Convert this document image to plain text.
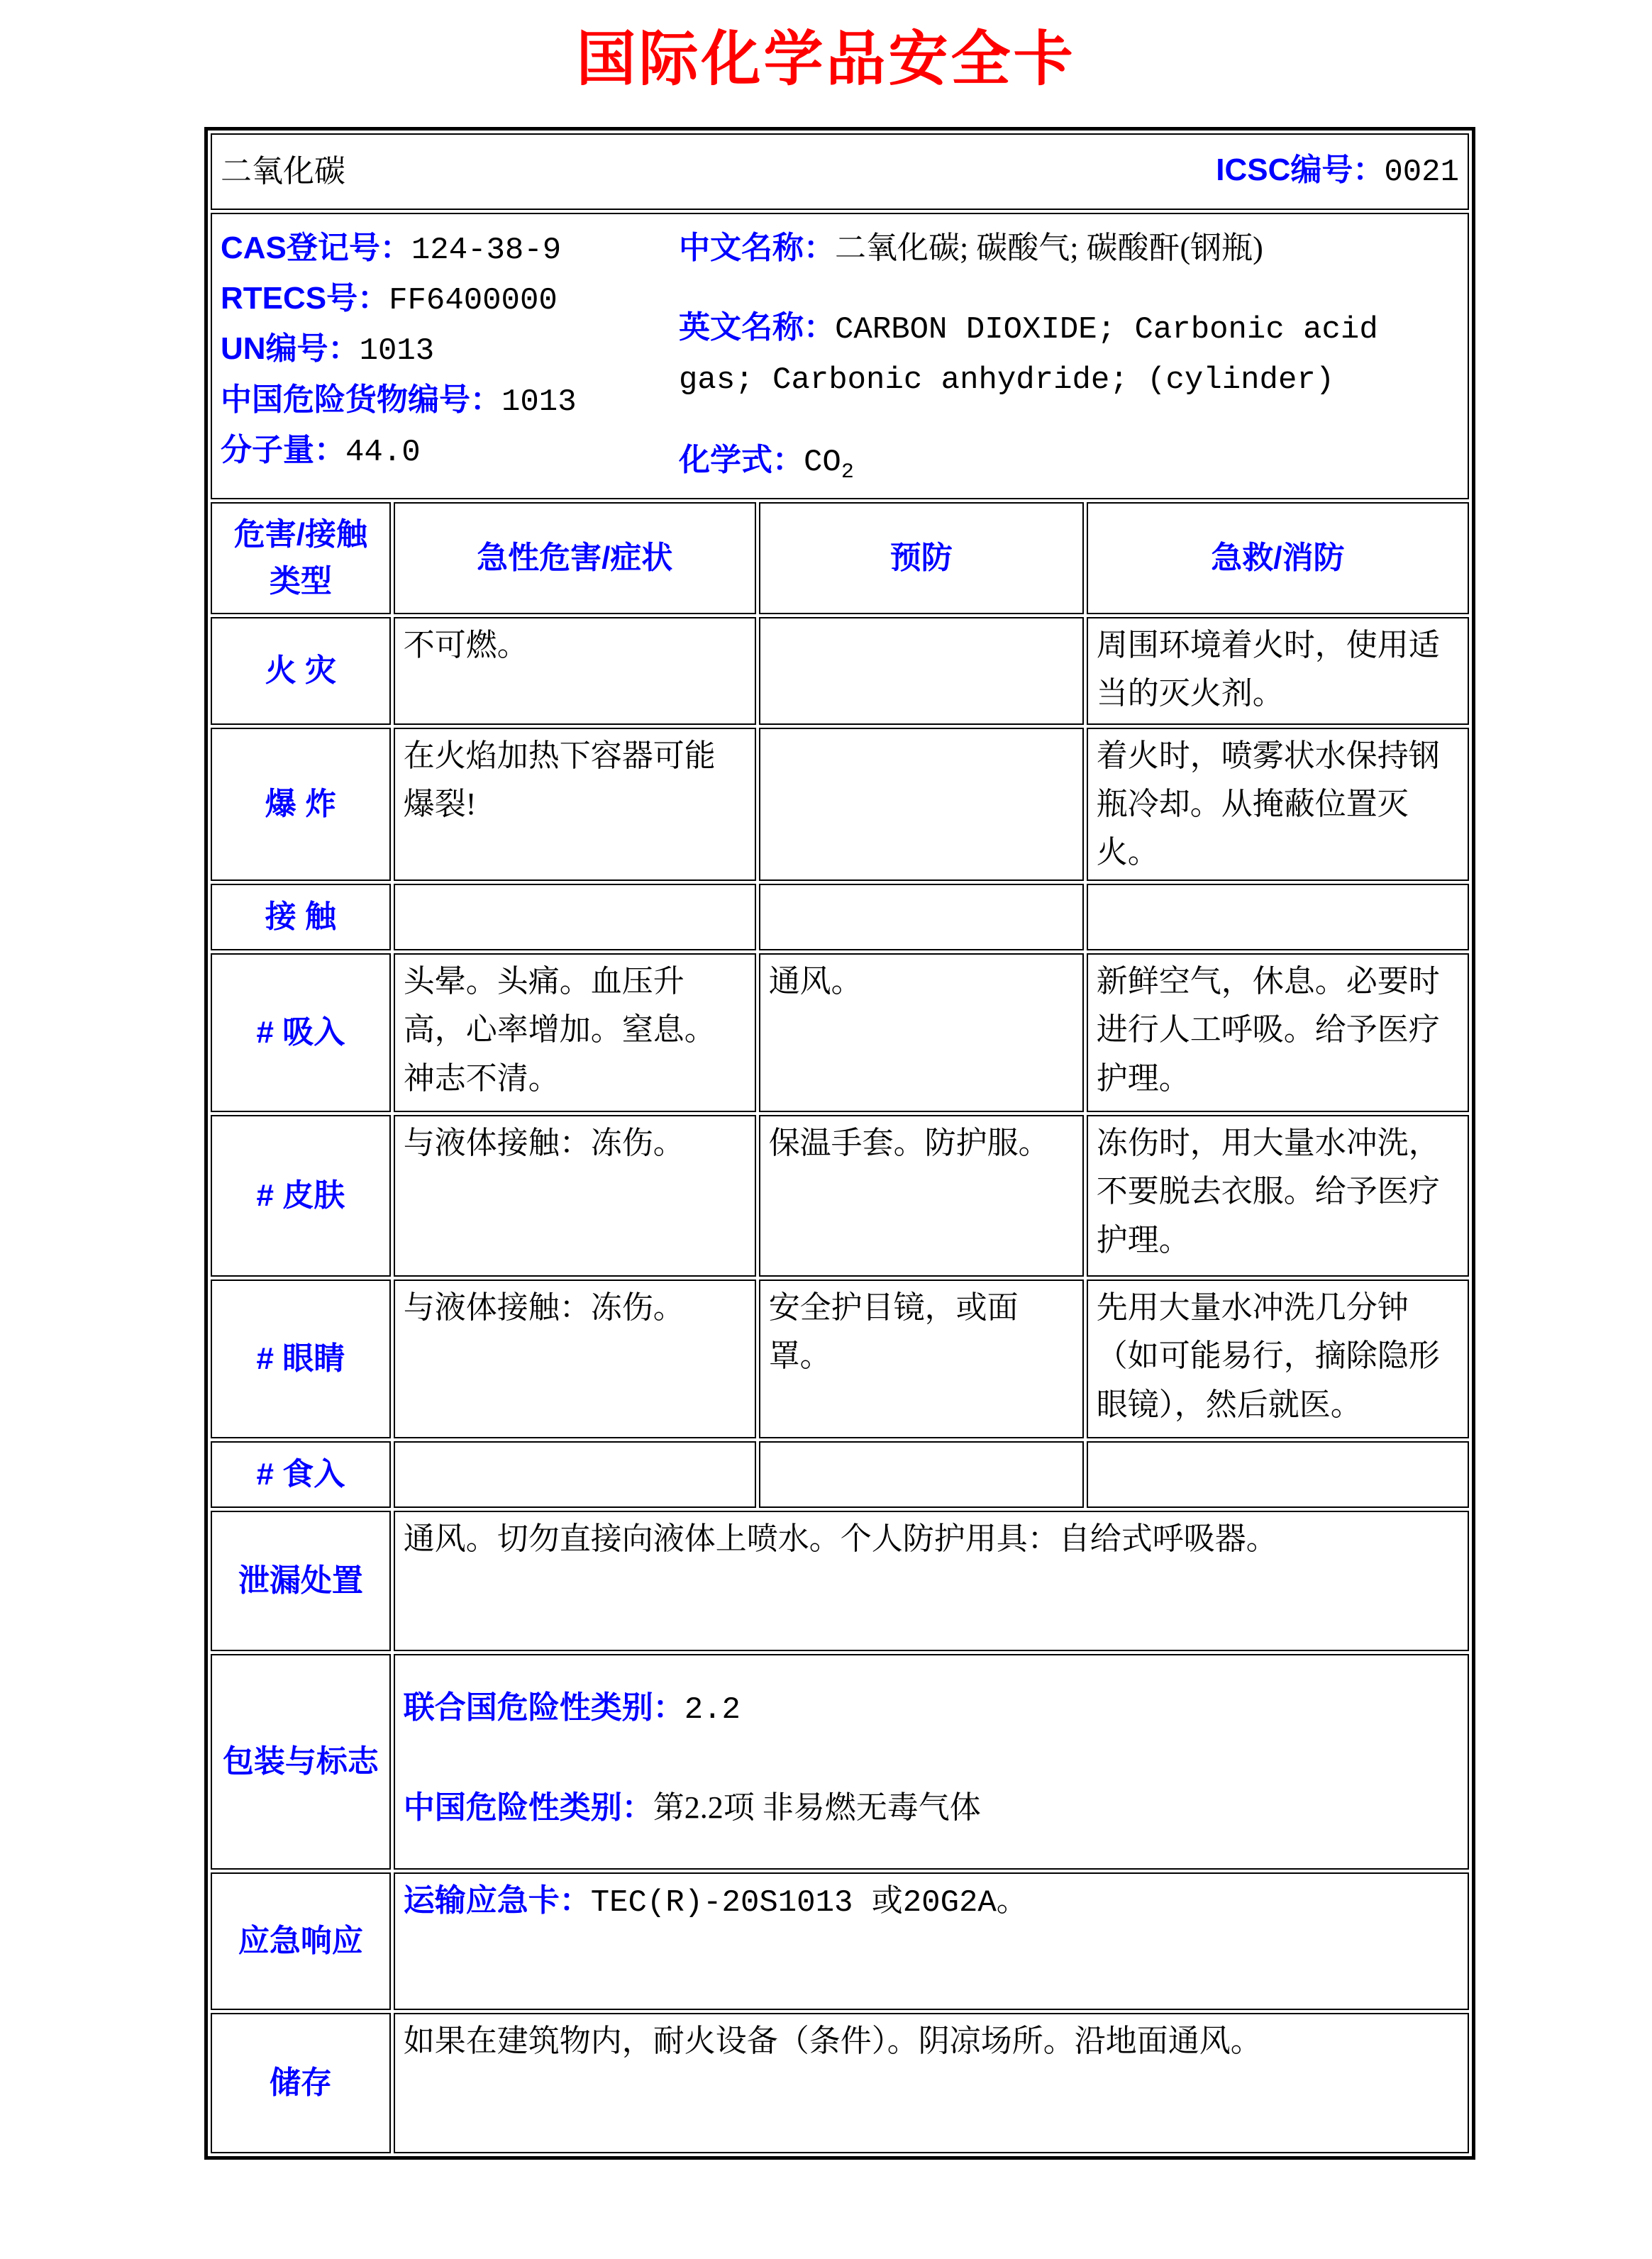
国际化学品安全卡
二氧化碳 ICSC编号：0021			

CAS登记号：124-38-9
RTECS号：FF6400000
UN编号：1013
中国危险货物编号：1013
分子量：44.0
中文名称：二氧化碳; 碳酸气; 碳酸酐(钢瓶)
英文名称：CARBON DIOXIDE; Carbonic acid gas; Carbonic anhydride; (cylinder)
化学式：$CO_2$

危害/接触
类型	急性危害/症状	预防	急救/消防
火 灾	不可燃。		周围环境着火时，使用适当的灭火剂。
爆 炸	在火焰加热下容器可能爆裂!		着火时，喷雾状水保持钢瓶冷却。从掩蔽位置灭火。
接 触			
# 吸入	头晕。头痛。血压升高，心率增加。窒息。神志不清。	通风。	新鲜空气，休息。必要时进行人工呼吸。给予医疗护理。
# 皮肤	与液体接触：冻伤。	保温手套。防护服。	冻伤时，用大量水冲洗，不要脱去衣服。给予医疗护理。
# 眼睛	与液体接触：冻伤。	安全护目镜，或面罩。	先用大量水冲洗几分钟（如可能易行，摘除隐形眼镜），然后就医。
# 食入			
泄漏处置	通风。切勿直接向液体上喷水。个人防护用具：自给式呼吸器。		
包装与标志	联合国危险性类别：2.2
中国危险性类别：第2.2项 非易燃无毒气体		

应急响应	运输应急卡：TEC(R)-20S1013 或20G2A。		

储存	如果在建筑物内，耐火设备（条件）。阴凉场所。沿地面通风。		
